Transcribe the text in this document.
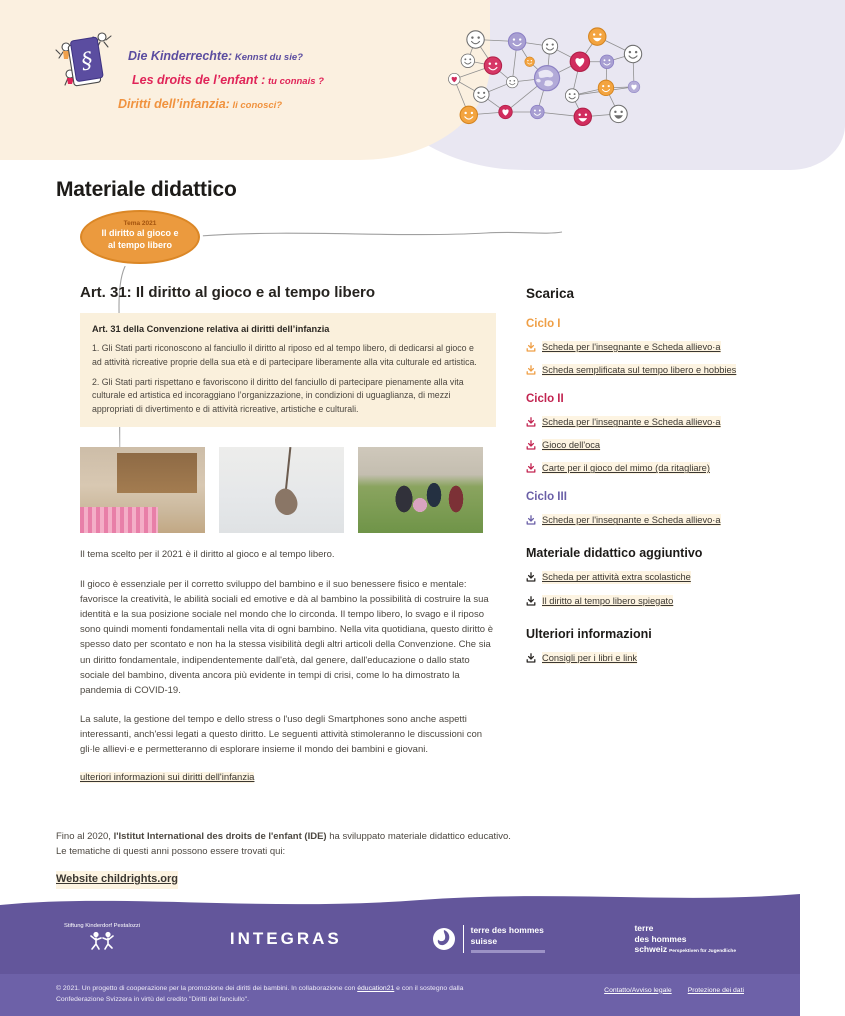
§	Die Kinderrechte: Kennst du sie?
Les droits de l’enfant : tu connais ?
Diritti dell’infanzia: li conosci?
Materiale didattico
Tema 2021
Il diritto al gioco e
al tempo libero
Art. 31: Il diritto al gioco e al tempo libero
Art. 31 della Convenzione relativa ai diritti dell’infanzia

1. Gli Stati parti riconoscono al fanciullo il diritto al riposo ed al tempo libero, di dedicarsi al gioco e ad attività ricreative proprie della sua età e di partecipare liberamente alla vita culturale ed artistica.

2. Gli Stati parti rispettano e favoriscono il diritto del fanciullo di partecipare pienamente alla vita culturale ed artistica ed incoraggiano l’organizzazione, in condizioni di uguaglianza, di mezzi appropriati di divertimento e di attività ricreative, artistiche e culturali.

Il tema scelto per il 2021 è il diritto al gioco e al tempo libero.

Il gioco è essenziale per il corretto sviluppo del bambino e il suo benessere fisico e mentale: favorisce la creatività, le abilità sociali ed emotive e dà al bambino la possibilità di costruire la sua identità e la sua posizione sociale nel mondo che lo circonda. Il tempo libero, lo svago e il riposo sono quindi momenti fondamentali nella vita di ogni bambino. Nella vita quotidiana, questo diritto è spesso dato per scontato e non ha la stessa visibilità degli altri articoli della Convenzione. Che sia un diritto fondamentale, indipendentemente dall'età, dal genere, dall'educazione o dallo stato sociale del bambino, diventa ancora più evidente in tempi di crisi, come lo ha dimostrato la pandemia di COVID-19.

La salute, la gestione del tempo e dello stress o l'uso degli Smartphones sono anche aspetti interessanti, anch'essi legati a questo diritto. Le seguenti attività stimoleranno le discussioni con gli·le allievi·e e permetteranno di esplorare insieme il mondo dei bambini e giovani.

ulteriori informazioni sui diritti dell'infanzia
Scarica
Ciclo I
Scheda per l'insegnante e Scheda allievo·a
Scheda semplificata sul tempo libero e hobbies
Ciclo II
Scheda per l'insegnante e Scheda allievo·a
Gioco dell'oca
Carte per il gioco del mimo (da ritagliare)
Ciclo III
Scheda per l'insegnante e Scheda allievo·a
Materiale didattico aggiuntivo
Scheda per attività extra scolastiche
Il diritto al tempo libero spiegato
Ulteriori informazioni
Consigli per i libri e link
Fino al 2020, l'Istitut International des droits de l'enfant (IDE) ha sviluppato materiale didattico educativo. Le tematiche di questi anni possono essere trovati qui:
Website childrights.org
Stiftung Kinderdorf Pestalozzi
INTEGRAS	terre des hommes
suisse
terre
des hommes
schweiz Perspektiven für Jugendliche
© 2021. Un progetto di cooperazione per la promozione dei diritti dei bambini. In collaborazione con éducation21 e con il sostegno dalla Confederazione Svizzera in virtù del credito "Diritti del fanciullo".
Contatto/Avviso legale Protezione dei dati
